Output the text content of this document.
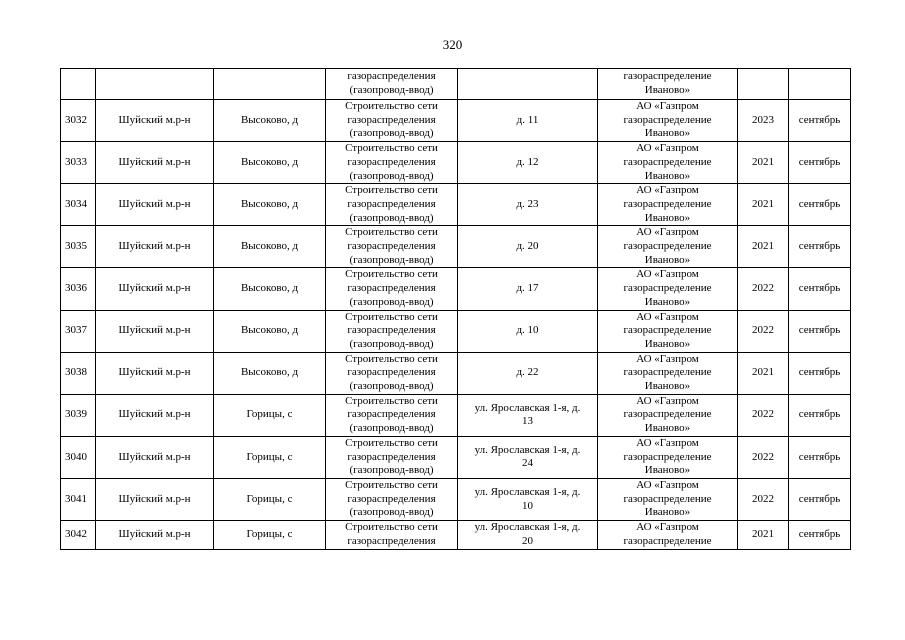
320

			газораспределения
(газопровод-ввод)		газораспределение
Иваново»		

3032	Шуйский м.р-н	Высоково, д	Строительство сети
газораспределения
(газопровод-ввод)	д. 11	АО «Газпром
газораспределение
Иваново»	2023	сентябрь
3033	Шуйский м.р-н	Высоково, д	Строительство сети
газораспределения
(газопровод-ввод)	д. 12	АО «Газпром
газораспределение
Иваново»	2021	сентябрь
3034	Шуйский м.р-н	Высоково, д	Строительство сети
газораспределения
(газопровод-ввод)	д. 23	АО «Газпром
газораспределение
Иваново»	2021	сентябрь
3035	Шуйский м.р-н	Высоково, д	Строительство сети
газораспределения
(газопровод-ввод)	д. 20	АО «Газпром
газораспределение
Иваново»	2021	сентябрь
3036	Шуйский м.р-н	Высоково, д	Строительство сети
газораспределения
(газопровод-ввод)	д. 17	АО «Газпром
газораспределение
Иваново»	2022	сентябрь
3037	Шуйский м.р-н	Высоково, д	Строительство сети
газораспределения
(газопровод-ввод)	д. 10	АО «Газпром
газораспределение
Иваново»	2022	сентябрь
3038	Шуйский м.р-н	Высоково, д	Строительство сети
газораспределения
(газопровод-ввод)	д. 22	АО «Газпром
газораспределение
Иваново»	2021	сентябрь
3039	Шуйский м.р-н	Горицы, с	Строительство сети
газораспределения
(газопровод-ввод)	ул. Ярославская 1-я, д.
13	АО «Газпром
газораспределение
Иваново»	2022	сентябрь
3040	Шуйский м.р-н	Горицы, с	Строительство сети
газораспределения
(газопровод-ввод)	ул. Ярославская 1-я, д.
24	АО «Газпром
газораспределение
Иваново»	2022	сентябрь
3041	Шуйский м.р-н	Горицы, с	Строительство сети
газораспределения
(газопровод-ввод)	ул. Ярославская 1-я, д.
10	АО «Газпром
газораспределение
Иваново»	2022	сентябрь
3042	Шуйский м.р-н	Горицы, с	Строительство сети
газораспределения	ул. Ярославская 1-я, д.
20	АО «Газпром
газораспределение	2021	сентябрь
